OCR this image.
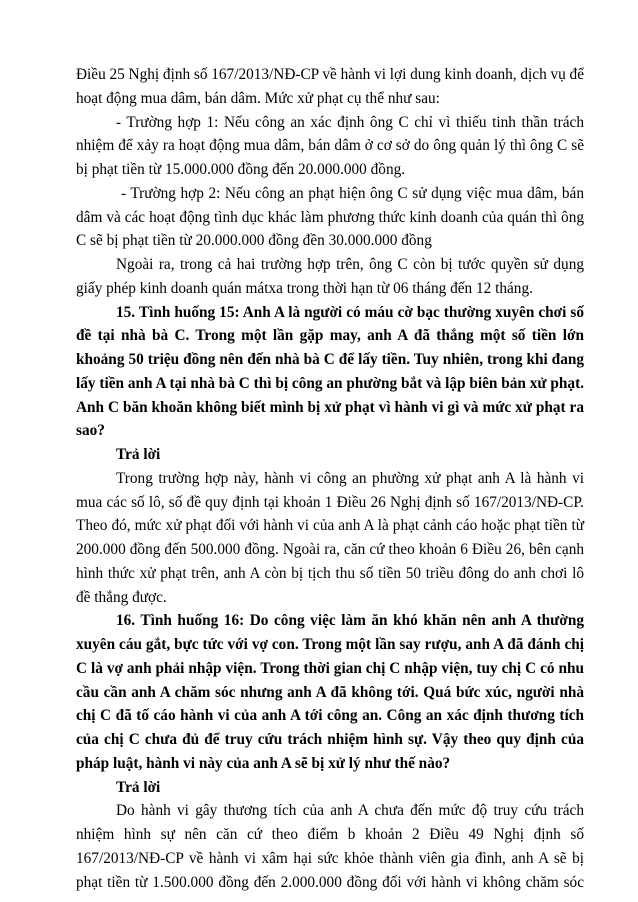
Điều 25 Nghị định số 167/2013/NĐ-CP về hành vi lợi dung kinh doanh, dịch vụ để
hoạt động mua dâm, bán dâm. Mức xử phạt cụ thể như sau:
- Trường hợp 1: Nếu công an xác định ông C chỉ vì thiếu tinh thần trách
nhiệm để xảy ra hoạt động mua dâm, bán dâm ở cơ sở do ông quản lý thì ông C sẽ
bị phạt tiền từ 15.000.000 đồng đến 20.000.000 đồng.
- Trường hợp 2: Nếu công an phạt hiện ông C sử dụng việc mua dâm, bán
dâm và các hoạt động tình dục khác làm phương thức kinh doanh của quán thì ông
C sẽ bị phạt tiền từ 20.000.000 đồng đền 30.000.000 đồng
Ngoài ra, trong cả hai trường hợp trên, ông C còn bị tước quyền sử dụng
giấy phép kinh doanh quán mátxa trong thời hạn từ 06 tháng đến 12 tháng.
15. Tình huống 15: Anh A là người có máu cờ bạc thường xuyên chơi số
đề tại nhà bà C. Trong một lần gặp may, anh A đã thắng một số tiền lớn
khoảng 50 triệu đồng nên đến nhà bà C để lấy tiền. Tuy nhiên, trong khi đang
lấy tiền anh A tại nhà bà C thì bị công an phường bắt và lập biên bản xử phạt.
Anh C băn khoăn không biết mình bị xử phạt vì hành vi gì và mức xử phạt ra
sao?
Trả lời
Trong trường hợp này, hành vi công an phường xử phạt anh A là hành vi
mua các số lô, số đề quy định tại khoản 1 Điều 26 Nghị định số 167/2013/NĐ-CP.
Theo đó, mức xử phạt đối với hành vi của anh A là phạt cảnh cáo hoặc phạt tiền từ
200.000 đồng đến 500.000 đồng. Ngoài ra, căn cứ theo khoản 6 Điều 26, bên cạnh
hình thức xử phạt trên, anh A còn bị tịch thu số tiền 50 triều đông do anh chơi lô
đề thắng được.
16. Tình huống 16: Do công việc làm ăn khó khăn nên anh A thường
xuyên cáu gắt, bực tức với vợ con. Trong một lần say rượu, anh A đã đánh chị
C là vợ anh phải nhập viện. Trong thời gian chị C nhập viện, tuy chị C có nhu
cầu cần anh A chăm sóc nhưng anh A đã không tới. Quá bức xúc, người nhà
chị C đã tố cáo hành vi của anh A tới công an. Công an xác định thương tích
của chị C chưa đủ để truy cứu trách nhiệm hình sự. Vậy theo quy định của
pháp luật, hành vi này của anh A sẽ bị xử lý như thế nào?
Trả lời
Do hành vi gây thương tích của anh A chưa đến mức độ truy cứu trách
nhiệm hình sự nên căn cứ theo điểm b khoản 2 Điều 49 Nghị định số
167/2013/NĐ-CP về hành vi xâm hại sức khỏe thành viên gia đình, anh A sẽ bị
phạt tiền từ 1.500.000 đồng đến 2.000.000 đồng đối với hành vi không chăm sóc
